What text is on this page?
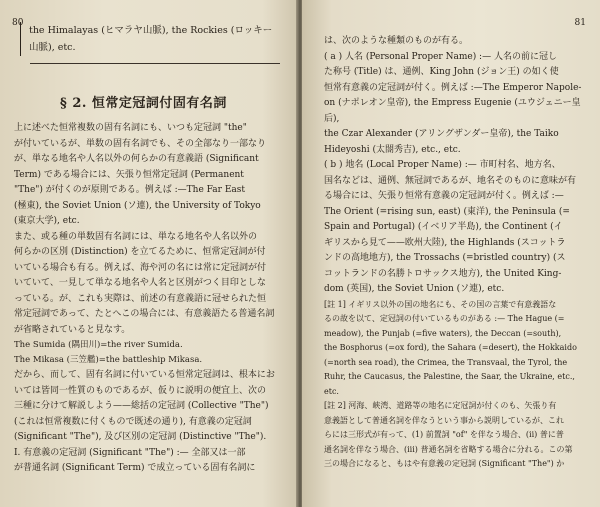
80
the Himalayas (ヒマラヤ山脈), the Rockies (ロッキー
山脈), etc.
§ 2. 恒常定冠詞付固有名詞

上に述べた恒常複数の固有名詞にも、いつも定冠詞 "the"

が付いているが、単数の固有名詞でも、その全部なり一部なり

が、単なる地名や人名以外の何らかの有意義語 (Significant

Term) である場合には、矢張り恒常定冠詞 (Permanent

"The") が付くのが原則である。例えば :—The Far East

(極東), the Soviet Union (ソ連), the University of Tokyo

(東京大学), etc.

また、或る種の単数固有名詞には、単なる地名や人名以外の

何らかの区別 (Distinction) を立てるために、恒常定冠詞が付

いている場合も有る。例えば、海や河の名には常に定冠詞が付

いていて、一見して単なる地名や人名と区別がつく目印としな

っている。が、これも実際は、前述の有意義語に冠せられた恒

常定冠詞であって、たとへこの場合には、有意義語たる普通名詞

が省略されていると見なす。

The Sumida (隅田川)=the river Sumida.

The Mikasa (三笠艦)=the battleship Mikasa.

だから、而して、固有名詞に付いている恒常定冠詞は、根本にお

いては皆同一性質のものであるが、仮りに説明の便宜上、次の

三種に分けて解説しよう——総括の定冠詞 (Collective "The")

(これは恒常複数に付くもので既述の通り), 有意義の定冠詞

(Significant "The"), 及び区別の定冠詞 (Distinctive "The").

I. 有意義の定冠詞 (Significant "The") :— 全部又は一部

が普通名詞 (Significant Term) で成立っている固有名詞に

81

は、次のような種類のものが有る。

( a ) 人名 (Personal Proper Name) :— 人名の前に冠し

た称号 (Title) は、通例、King John (ジョン王) の如く使

恒常有意義の定冠詞が付く。例えば :—The Emperor Napole-

on (ナポレオン皇帝), the Empress Eugenie (ユウジェニー皇后),

the Czar Alexander (アリングザンダー皇帝), the Taiko

Hideyoshi (太閤秀吉), etc., etc.

( b ) 地名 (Local Proper Name) :— 市町村名、地方名、

国名などは、通例、無冠詞であるが、地名そのものに意味が有

る場合には、矢張り恒常有意義の定冠詞が付く。例えば :—

The Orient (=rising sun, east) (東洋), the Peninsula (=

Spain and Portugal) (イベリア半島), the Continent (イ

ギリスから見て——欧州大陸), the Highlands (スコットラ

ンドの高地地方), the Trossachs (=bristled country) (ス

コットランドの名勝トロサックス地方), the United King-

dom (英国), the Soviet Union (ソ連), etc.

[註 1] イギリス以外の国の地名にも、その国の言葉で有意義語な

るの故を以て、定冠詞の付いているものがある :— The Hague (=

meadow), the Punjab (=five waters), the Deccan (=south),

the Bosphorus (=ox ford), the Sahara (=desert), the Hokkaido

(=north sea road), the Crimea, the Transvaal, the Tyrol, the

Ruhr, the Caucasus, the Palestine, the Saar, the Ukraine, etc.,

etc.

[註 2] 河海、峡湾、道路等の地名に定冠詞が付くのも、矢張り有

意義語として普通名詞を伴なうという事から説明しているが、これ

らには三形式が有って、(1) 前置詞 "of" を伴なう場合、(ii) 普に普

通名詞を伴なう場合、(iii) 普通名詞を省略する場合に分れる。この第

三の場合になると、もはや有意義の定冠詞 (Significant "The") か
